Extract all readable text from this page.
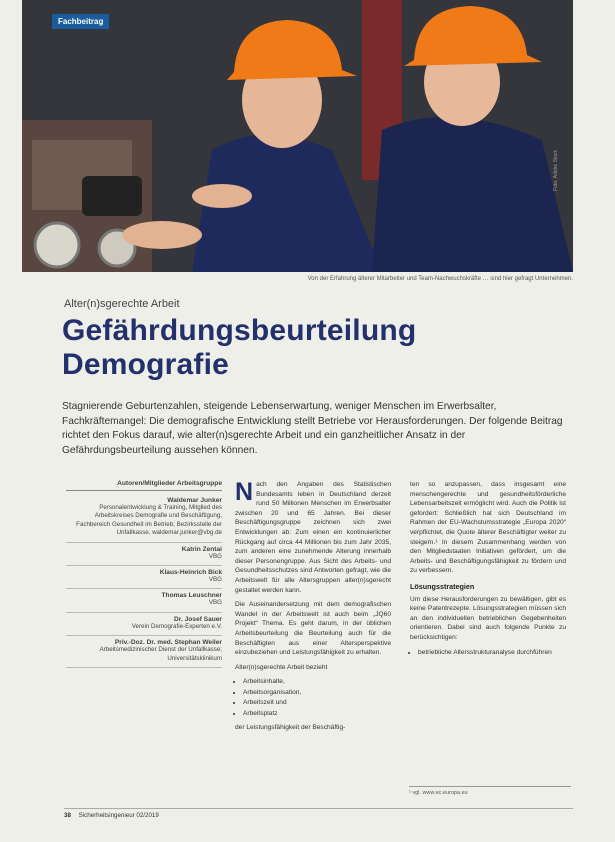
Fachbeitrag
Foto: Adobe Stock
Von der Erfahrung älterer Mitarbeiter und Team-Nachwuchskräfte … sind hier gefragt Unternehmen.
Alter(n)sgerechte Arbeit
Gefährdungsbeurteilung
Demografie
Stagnierende Geburtenzahlen, steigende Lebenserwartung, weniger Menschen im Erwerbsalter, Fachkräftemangel: Die demografische Entwicklung stellt Betriebe vor Herausforderungen. Der folgende Beitrag richtet den Fokus darauf, wie alter(n)sgerechte Arbeit und ein ganzheitlicher Ansatz in der Gefährdungsbeurteilung aussehen können.
Autoren/Mitglieder Arbeitsgruppe
Waldemar Junker
Personalentwicklung & Training, Mitglied des Arbeitskreises Demografie und Beschäftigung, Fachbereich Gesundheit im Betrieb; Bezirksstelle der Unfallkasse, waldemar.junker@vbg.de
Katrin Zentai
VBG
Klaus-Heinrich Bick
VBG
Thomas Leuschner
VBG
Dr. Josef Sauer
Verein Demografie-Experten e.V.
Priv.-Doz. Dr. med. Stephan Weiler
Arbeitsmedizinischer Dienst der Unfallkasse; Universitätsklinikum

Nach den Angaben des Statistischen Bundesamts leben in Deutschland derzeit rund 50 Millionen Menschen im Erwerbsalter zwischen 20 und 65 Jahren. Bei dieser Beschäftigungsgruppe zeichnen sich zwei Entwicklungen ab: Zum einen ein kontinuierlicher Rückgang auf circa 44 Millionen bis zum Jahr 2035, zum anderen eine zunehmende Alterung innerhalb dieser Personengruppe. Aus Sicht des Arbeits- und Gesundheitsschutzes sind Antworten gefragt, wie die Arbeitswelt für alle Altersgruppen alter(n)sgerecht gestaltet werden kann.

Die Auseinandersetzung mit dem demografischen Wandel in der Arbeitswelt ist auch beim „JQ60 Projekt“ Thema. Es geht darum, in der üblichen Arbeitsbeurteilung die Beurteilung auch für die Beschäftigten aus einer Altersperspektive einzubeziehen und Leistungsfähigkeit zu erhalten.

Alter(n)sgerechte Arbeit bezieht

• Arbeitsinhalte,
• Arbeitsorganisation,
• Arbeitszeit und
• Arbeitsplatz

der Leistungsfähigkeit der Beschäftig-

ten so anzupassen, dass insgesamt eine menschengerechte und gesundheitsförderliche Lebensarbeitszeit ermöglicht wird. Auch die Politik ist gefordert: Schließlich hat sich Deutschland im Rahmen der EU-Wachstumsstrategie „Europa 2020“ verpflichtet, die Quote älterer Beschäftigter weiter zu steigern.¹ In diesem Zusammenhang werden von den Mitgliedstaaten Initiativen gefördert, um die Arbeits- und Beschäftigungsfähigkeit zu fördern und zu verbessern.

Lösungsstrategien

Um diese Herausforderungen zu bewältigen, gibt es keine Patentrezepte. Lösungsstrategien müssen sich an den individuellen betrieblichen Gegebenheiten orientieren. Dabei sind auch folgende Punkte zu berücksichtigen:

• betriebliche Altersstrukturanalyse durchführen
¹ vgl. www.ec.europa.eu
38 Sicherheitsingenieur 02/2019
